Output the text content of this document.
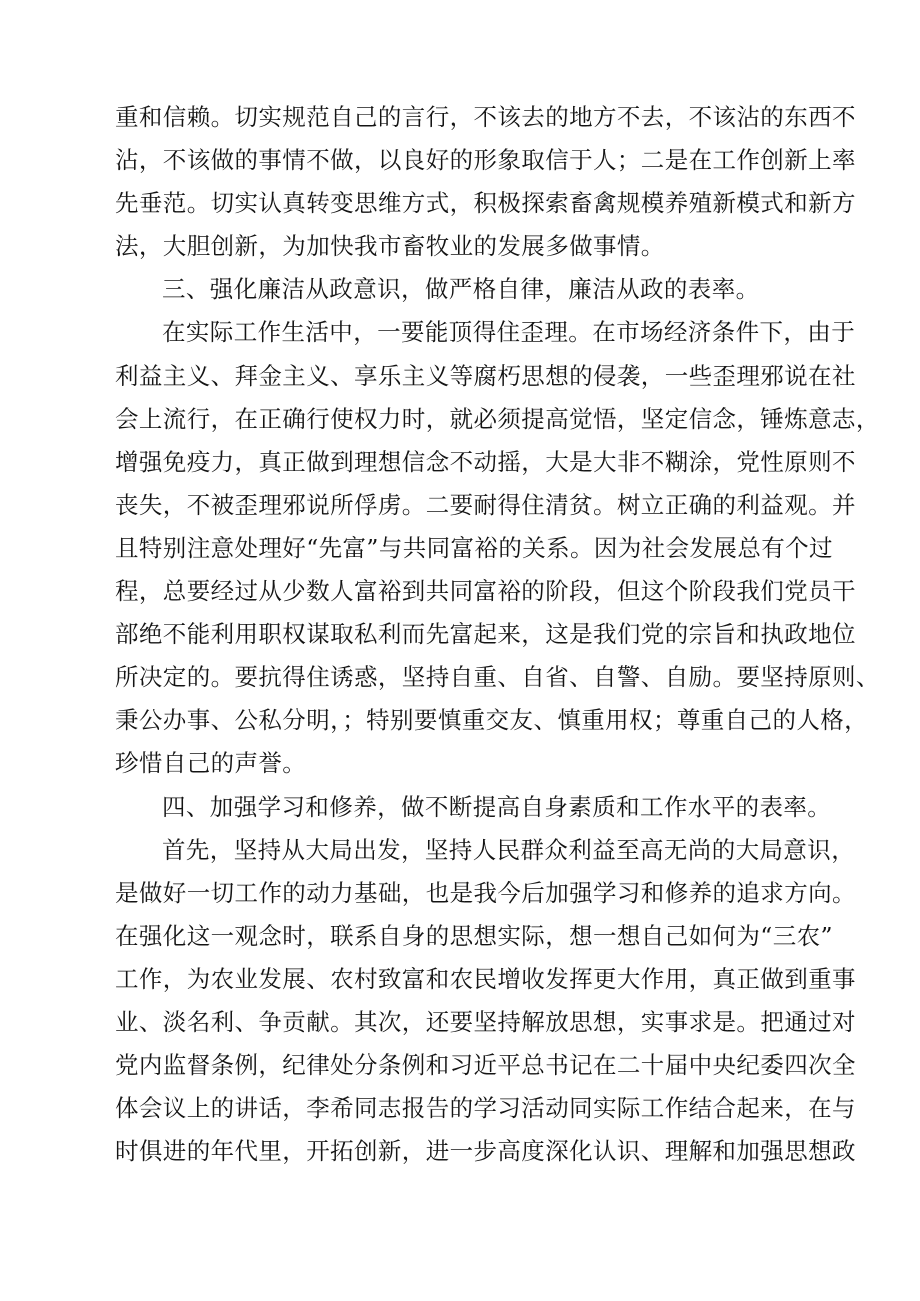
重和信赖。切实规范自己的言行，不该去的地方不去，不该沾的东西不
沾，不该做的事情不做，以良好的形象取信于人；二是在工作创新上率
先垂范。切实认真转变思维方式，积极探索畜禽规模养殖新模式和新方
法，大胆创新，为加快我市畜牧业的发展多做事情。
三、强化廉洁从政意识，做严格自律，廉洁从政的表率。
在实际工作生活中，一要能顶得住歪理。在市场经济条件下，由于
利益主义、拜金主义、享乐主义等腐朽思想的侵袭，一些歪理邪说在社
会上流行，在正确行使权力时，就必须提高觉悟，坚定信念，锤炼意志，
增强免疫力，真正做到理想信念不动摇，大是大非不糊涂，党性原则不
丧失，不被歪理邪说所俘虏。二要耐得住清贫。树立正确的利益观。并
且特别注意处理好“先富”与共同富裕的关系。因为社会发展总有个过
程，总要经过从少数人富裕到共同富裕的阶段，但这个阶段我们党员干
部绝不能利用职权谋取私利而先富起来，这是我们党的宗旨和执政地位
所决定的。要抗得住诱惑，坚持自重、自省、自警、自励。要坚持原则、
秉公办事、公私分明，；特别要慎重交友、慎重用权；尊重自己的人格，
珍惜自己的声誉。
四、加强学习和修养，做不断提高自身素质和工作水平的表率。
首先，坚持从大局出发，坚持人民群众利益至高无尚的大局意识，
是做好一切工作的动力基础，也是我今后加强学习和修养的追求方向。
在强化这一观念时，联系自身的思想实际，想一想自己如何为“三农”
工作，为农业发展、农村致富和农民增收发挥更大作用，真正做到重事
业、淡名利、争贡献。其次，还要坚持解放思想，实事求是。把通过对
党内监督条例，纪律处分条例和习近平总书记在二十届中央纪委四次全
体会议上的讲话，李希同志报告的学习活动同实际工作结合起来，在与
时俱进的年代里，开拓创新，进一步高度深化认识、理解和加强思想政
